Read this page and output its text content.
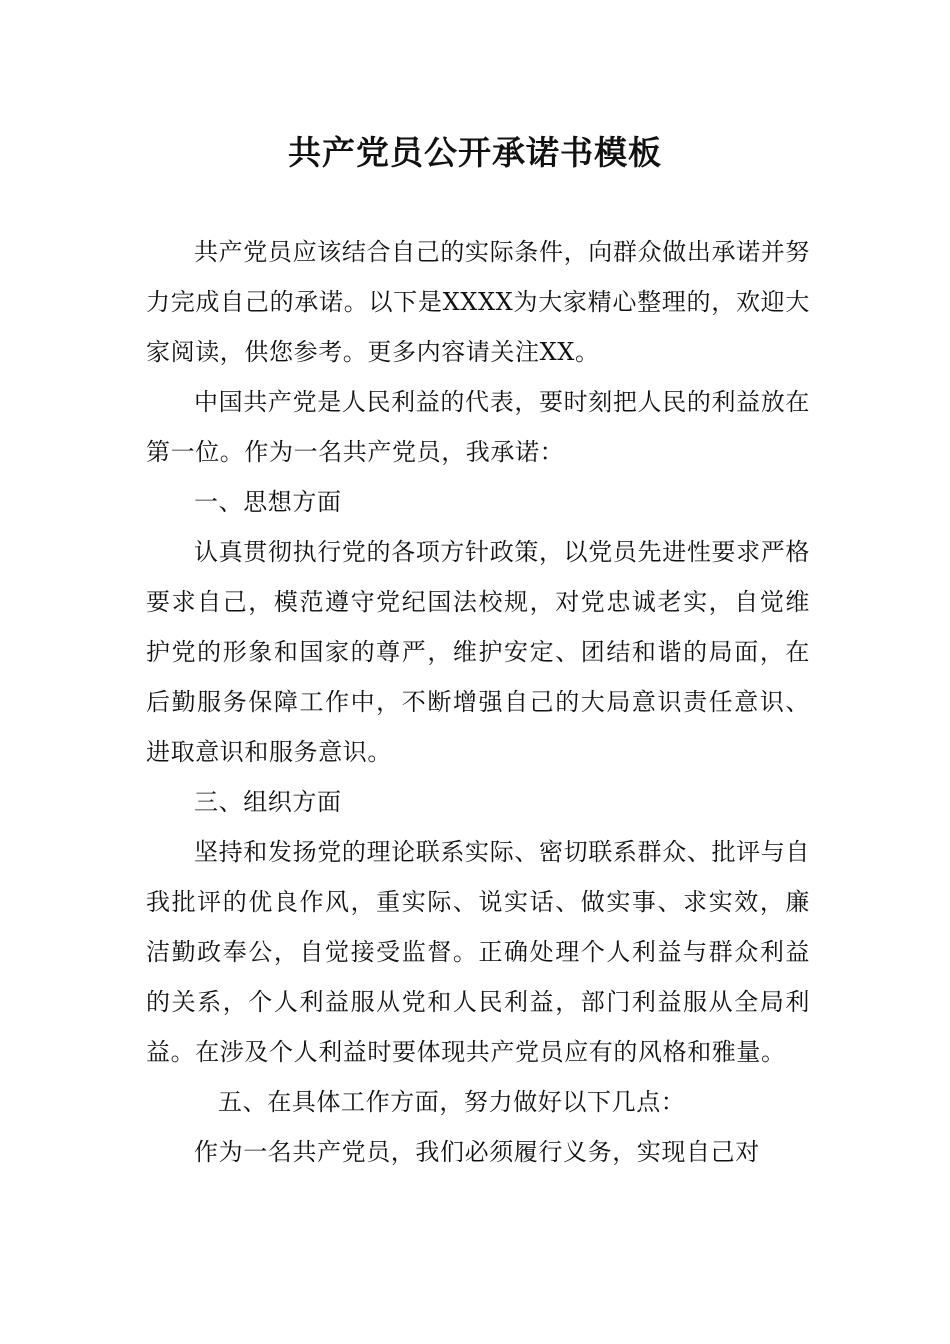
共产党员公开承诺书模板

共产党员应该结合自己的实际条件，向群众做出承诺并努力完成自己的承诺。以下是XXXX为大家精心整理的，欢迎大家阅读，供您参考。更多内容请关注XX。

中国共产党是人民利益的代表，要时刻把人民的利益放在第一位。作为一名共产党员，我承诺：

一、思想方面

认真贯彻执行党的各项方针政策，以党员先进性要求严格要求自己，模范遵守党纪国法校规，对党忠诚老实，自觉维护党的形象和国家的尊严，维护安定、团结和谐的局面，在后勤服务保障工作中，不断增强自己的大局意识责任意识、进取意识和服务意识。

三、组织方面

坚持和发扬党的理论联系实际、密切联系群众、批评与自我批评的优良作风，重实际、说实话、做实事、求实效，廉洁勤政奉公，自觉接受监督。正确处理个人利益与群众利益的关系，个人利益服从党和人民利益，部门利益服从全局利益。在涉及个人利益时要体现共产党员应有的风格和雅量。

五、在具体工作方面，努力做好以下几点：

作为一名共产党员，我们必须履行义务，实现自己对
